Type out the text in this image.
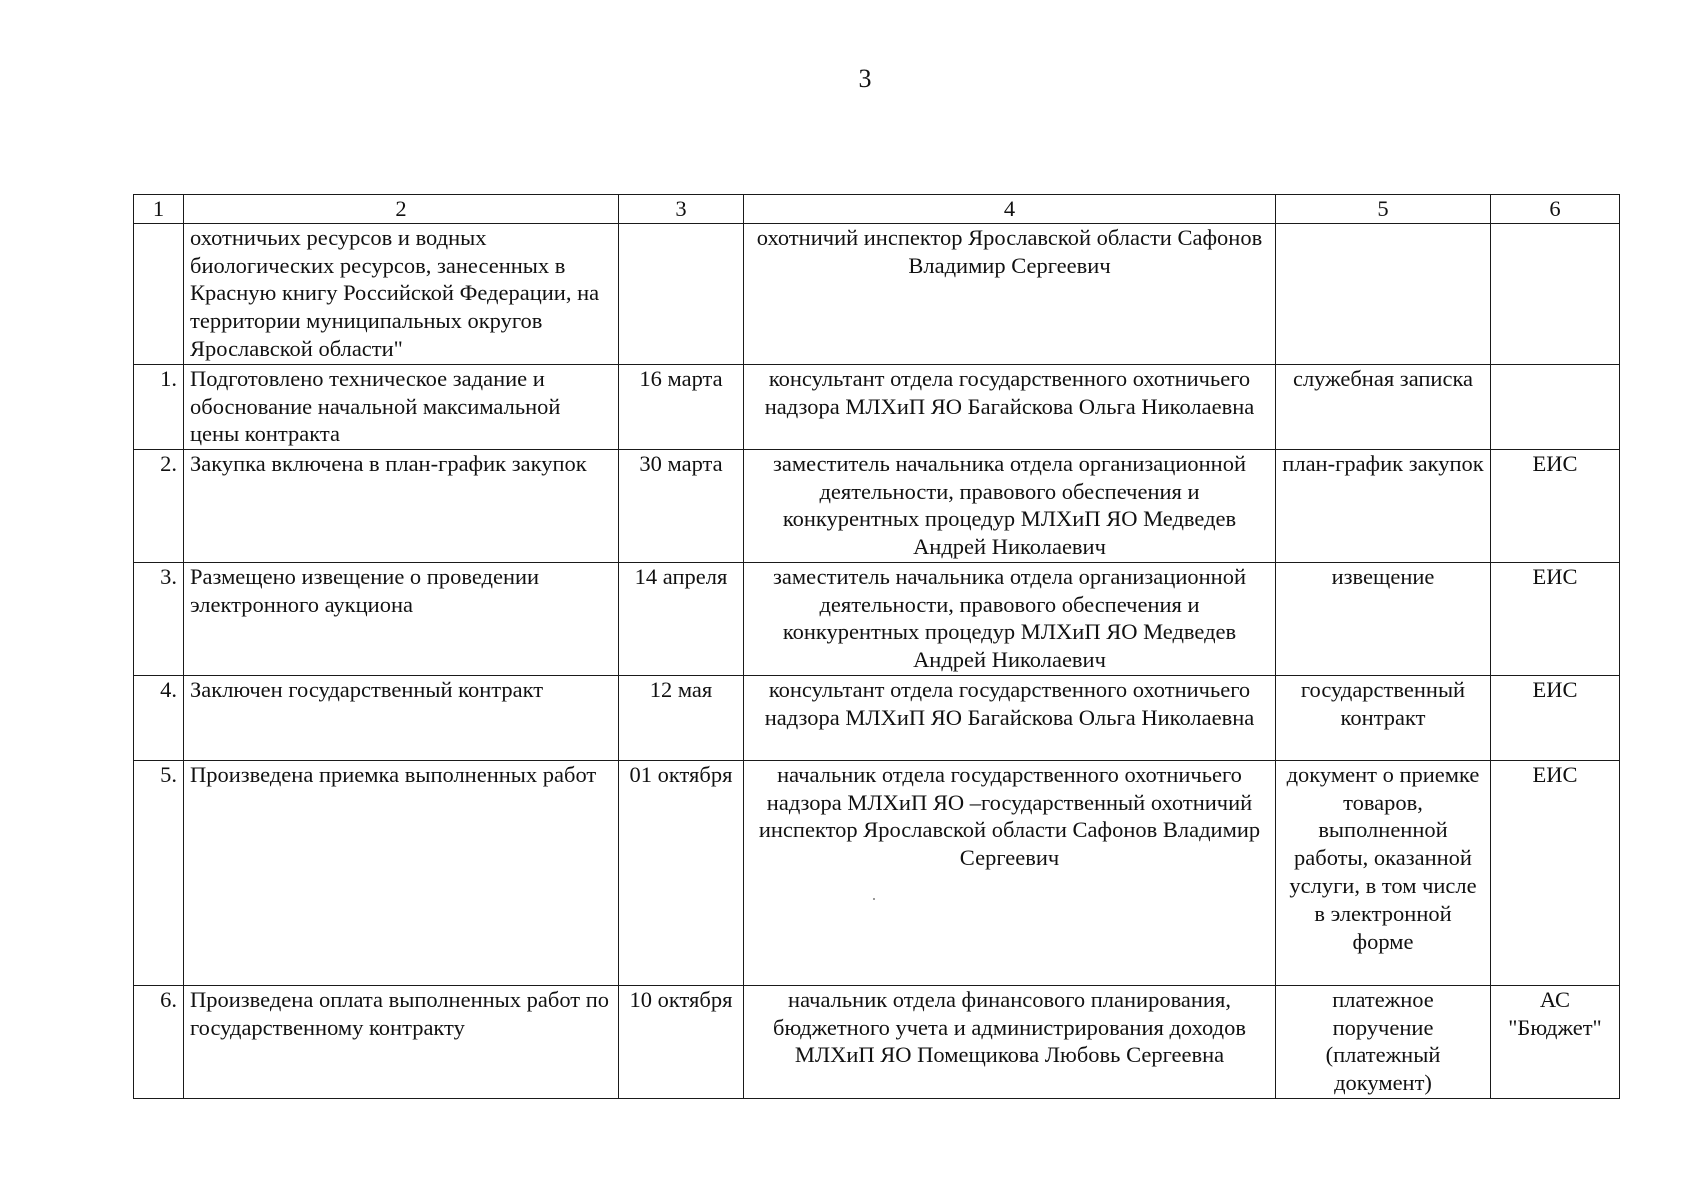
3
1	2	3	4	5	6
	охотничьих ресурсов и водных биологических ресурсов, занесенных в Красную книгу Российской Федерации, на территории муниципальных округов Ярославской области"		охотничий инспектор Ярославской области Сафонов Владимир Сергеевич		
1.	Подготовлено техническое задание и обоснование начальной максимальной цены контракта	16 марта	консультант отдела государственного охотничьего надзора МЛХиП ЯО Багайскова Ольга Николаевна	служебная записка	
2.	Закупка включена в план-график закупок	30 марта	заместитель начальника отдела организационной деятельности, правового обеспечения и конкурентных процедур МЛХиП ЯО Медведев Андрей Николаевич	план-график закупок	ЕИС
3.	Размещено извещение о проведении электронного аукциона	14 апреля	заместитель начальника отдела организационной деятельности, правового обеспечения и конкурентных процедур МЛХиП ЯО Медведев Андрей Николаевич	извещение	ЕИС
4.	Заключен государственный контракт	12 мая	консультант отдела государственного охотничьего надзора МЛХиП ЯО Багайскова Ольга Николаевна	государственный контракт	ЕИС
5.	Произведена приемка выполненных работ	01 октября	начальник отдела государственного охотничьего надзора МЛХиП ЯО –государственный охотничий инспектор Ярославской области Сафонов Владимир Сергеевич	документ о приемке товаров, выполненной работы, оказанной услуги, в том числе в электронной форме	ЕИС
6.	Произведена оплата выполненных работ по государственному контракту	10 октября	начальник отдела финансового планирования, бюджетного учета и администрирования доходов МЛХиП ЯО Помещикова Любовь Сергеевна	платежное поручение (платежный документ)	АС "Бюджет"
